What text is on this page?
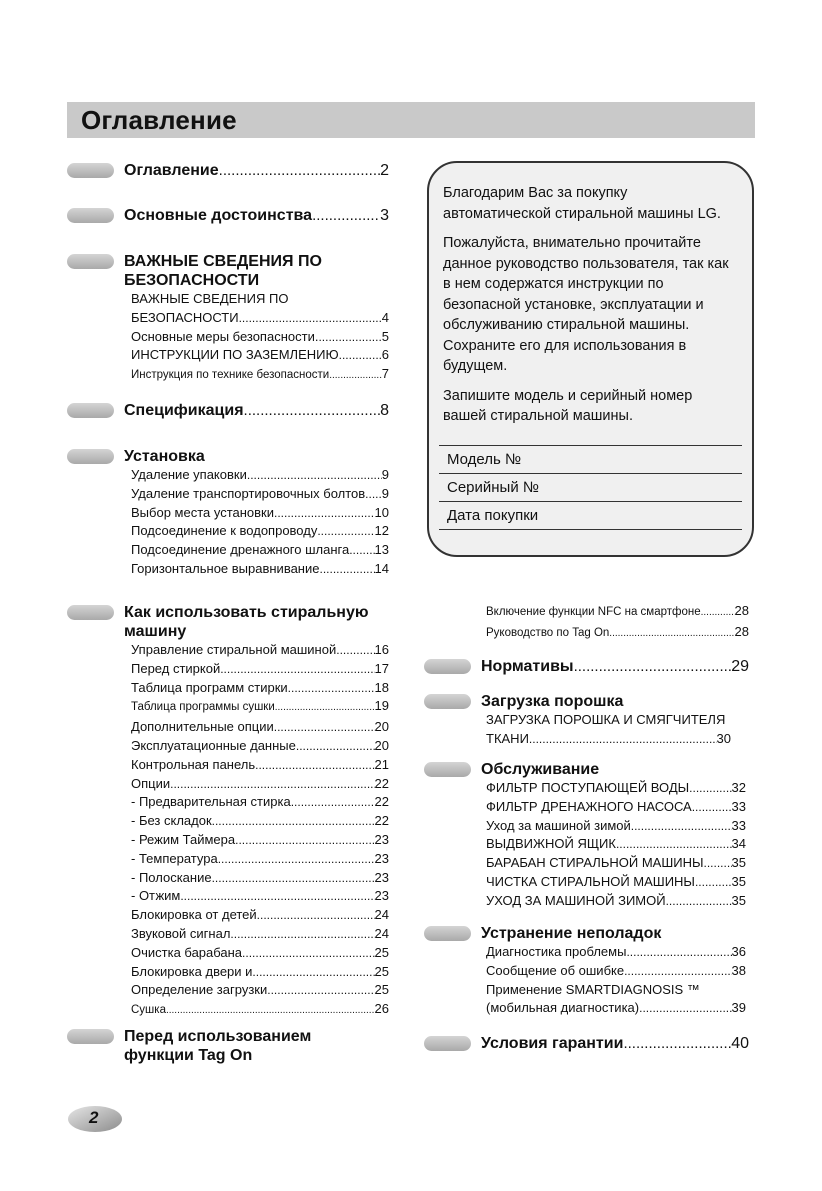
Оглавление
Оглавление .....	2
Основные достоинства .....	3
ВАЖНЫЕ СВЕДЕНИЯ ПО
БЕЗОПАСНОСТИ
ВАЖНЫЕ СВЕДЕНИЯ ПО
БЕЗОПАСНОСТИ .....	4
Основные меры безопасности. .....	5
ИНСТРУКЦИИ ПО ЗАЗЕМЛЕНИЮ .....	6
Инструкция по технике безопасности .....	7
Спецификация .....	8
Установка
Удаление упаковки .....	9
Удаление транспортировочных болтов ..... 9
Выбор места установки .....	10
Подсоединение к водопроводу .....	12
Подсоединение дренажного шланга ..... 13
Горизонтальное выравнивание .....	14
Как использовать стиральную
машину
Управление стиральной машиной .....	16
Перед стиркой .....	17
Таблица программ стирки .....	18
Таблица программы сушки .....	19
Дополнительные опции .....	20
Эксплуатационные данные .....	20
Контрольная панель .....	21
Опции .....	22
- Предварительная стирка .....	22
- Без складок .....	22
- Режим Таймера .....	23
- Температура .....	23
- Полоскание .....	23
- Отжим .....	23
Блокировка от детей .....	24
Звуковой сигнал .....	24
Очистка барабана .....	25
Блокировка двери и .....	25
Определение загрузки .....	25
Сушка .....	26
Перед использованием
функции Tag On

Благодарим Вас за покупку автоматической стиральной машины LG.

Пожалуйста, внимательно прочитайте данное руководство пользователя, так как в нем содержатся инструкции по безопасной установке, эксплуатации и обслуживанию стиральной машины. Сохраните его для использования в будущем.

Запишите модель и серийный номер вашей стиральной машины.

Модель №
Серийный №
Дата покупки
Включение функции NFC на смартфоне .....	28
Руководство по Tag On .....	28
Нормативы .....	29
Загрузка порошка
ЗАГРУЗКА ПОРОШКА И СМЯГЧИТЕЛЯ
ТКАНИ .....	30
Обслуживание
ФИЛЬТР ПОСТУПАЮЩЕЙ ВОДЫ .....	32
ФИЛЬТР ДРЕНАЖНОГО НАСОСА .....	33
Уход за машиной зимой .....	33
ВЫДВИЖНОЙ ЯЩИК .....	34
БАРАБАН СТИРАЛЬНОЙ МАШИНЫ ..... 35
ЧИСТКА СТИРАЛЬНОЙ МАШИНЫ .....	35
УХОД ЗА МАШИНОЙ ЗИМОЙ .....	35
Устранение неполадок
Диагностика проблемы .....	36
Сообщение об ошибке .....	38
Применение SMARTDIAGNOSIS ™
(мобильная диагностика) .....	39
Условия гарантии .....	40
2
